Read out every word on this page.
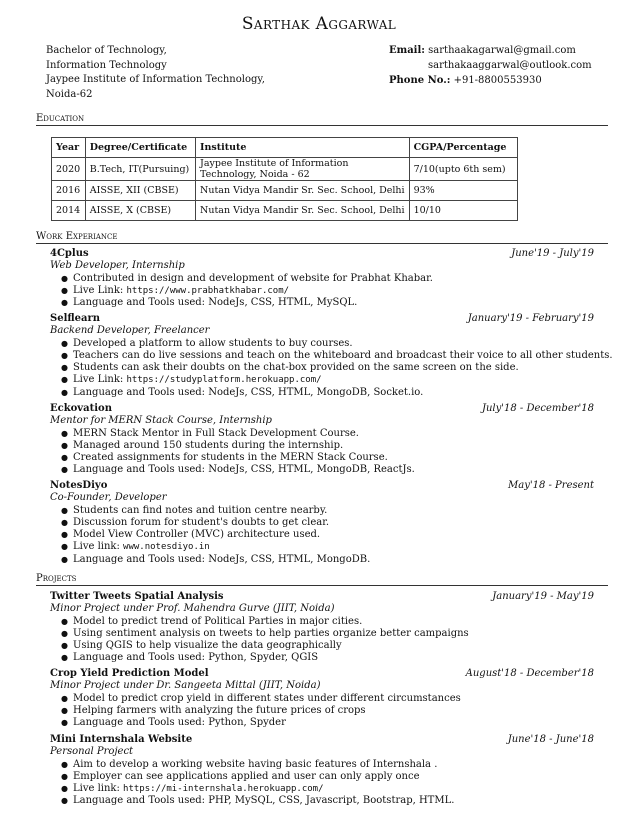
Sarthak Aggarwal
Bachelor of Technology,
Information Technology
Jaypee Institute of Information Technology,
Noida-62
Email: sarthaakagarwal@gmail.com
sarthakaaggarwal@outlook.com
Phone No.: +91-8800553930
Education
Year	Degree/Certificate	Institute	CGPA/Percentage
2020	B.Tech, IT(Pursuing)	Jaypee Institute of Information Technology, Noida - 62	7/10(upto 6th sem)
2016	AISSE, XII (CBSE)	Nutan Vidya Mandir Sr. Sec. School, Delhi	93%
2014	AISSE, X (CBSE)	Nutan Vidya Mandir Sr. Sec. School, Delhi	10/10
Work Experiance
4Cplus	June'19 - July'19
Web Developer, Internship
● Contributed in design and development of website for Prabhat Khabar.
● Live Link: https://www.prabhatkhabar.com/
● Language and Tools used: NodeJs, CSS, HTML, MySQL.
Selflearn	January'19 - February'19
Backend Developer, Freelancer
● Developed a platform to allow students to buy courses.
● Teachers can do live sessions and teach on the whiteboard and broadcast their voice to all other students.
● Students can ask their doubts on the chat-box provided on the same screen on the side.
● Live Link: https://studyplatform.herokuapp.com/
● Language and Tools used: NodeJs, CSS, HTML, MongoDB, Socket.io.
Eckovation	July'18 - December'18
Mentor for MERN Stack Course, Internship
● MERN Stack Mentor in Full Stack Development Course.
● Managed around 150 students during the internship.
● Created assignments for students in the MERN Stack Course.
● Language and Tools used: NodeJs, CSS, HTML, MongoDB, ReactJs.
NotesDiyo	May'18 - Present
Co-Founder, Developer
● Students can find notes and tuition centre nearby.
● Discussion forum for student's doubts to get clear.
● Model View Controller (MVC) architecture used.
● Live link: www.notesdiyo.in
● Language and Tools used: NodeJs, CSS, HTML, MongoDB.
Projects
Twitter Tweets Spatial Analysis	January'19 - May'19
Minor Project under Prof. Mahendra Gurve (JIIT, Noida)
● Model to predict trend of Political Parties in major cities.
● Using sentiment analysis on tweets to help parties organize better campaigns
● Using QGIS to help visualize the data geographically
● Language and Tools used: Python, Spyder, QGIS
Crop Yield Prediction Model	August'18 - December'18
Minor Project under Dr. Sangeeta Mittal (JIIT, Noida)
● Model to predict crop yield in different states under different circumstances
● Helping farmers with analyzing the future prices of crops
● Language and Tools used: Python, Spyder
Mini Internshala Website	June'18 - June'18
Personal Project
● Aim to develop a working website having basic features of Internshala .
● Employer can see applications applied and user can only apply once
● Live link: https://mi-internshala.herokuapp.com/
● Language and Tools used: PHP, MySQL, CSS, Javascript, Bootstrap, HTML.
